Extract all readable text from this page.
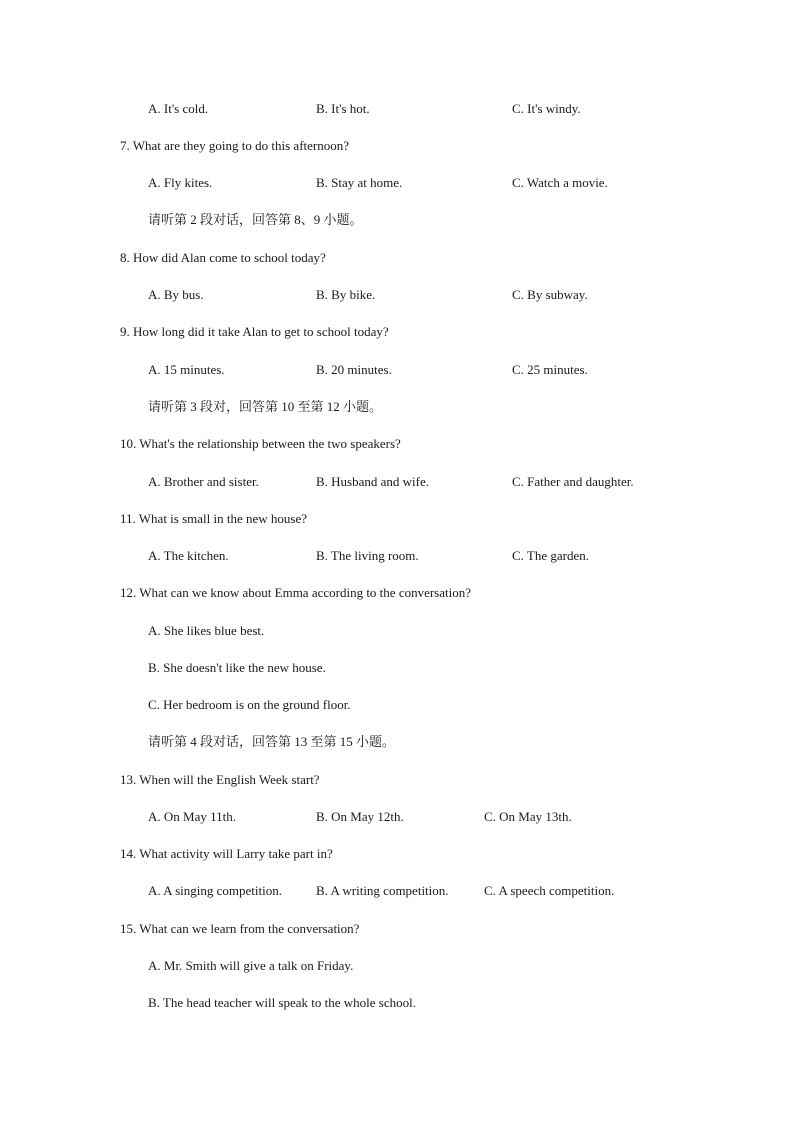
A. It's cold.	B. It's hot.	C. It's windy.
7. What are they going to do this afternoon?
A. Fly kites.	B. Stay at home.	C. Watch a movie.
请听第 2 段对话，回答第 8、9 小题。
8. How did Alan come to school today?
A. By bus.	B. By bike.	C. By subway.
9. How long did it take Alan to get to school today?
A. 15 minutes.	B. 20 minutes.	C. 25 minutes.
请听第 3 段对，回答第 10 至第 12 小题。
10. What's the relationship between the two speakers?
A. Brother and sister.	B. Husband and wife.	C. Father and daughter.
11. What is small in the new house?
A. The kitchen.	B. The living room.	C. The garden.
12. What can we know about Emma according to the conversation?
A. She likes blue best.
B. She doesn't like the new house.
C. Her bedroom is on the ground floor.
请听第 4 段对话，回答第 13 至第 15 小题。
13. When will the English Week start?
A. On May 11th.	B. On May 12th.	C. On May 13th.
14. What activity will Larry take part in?
A. A singing competition.	B. A writing competition.	C. A speech competition.
15. What can we learn from the conversation?
A. Mr. Smith will give a talk on Friday.
B. The head teacher will speak to the whole school.
